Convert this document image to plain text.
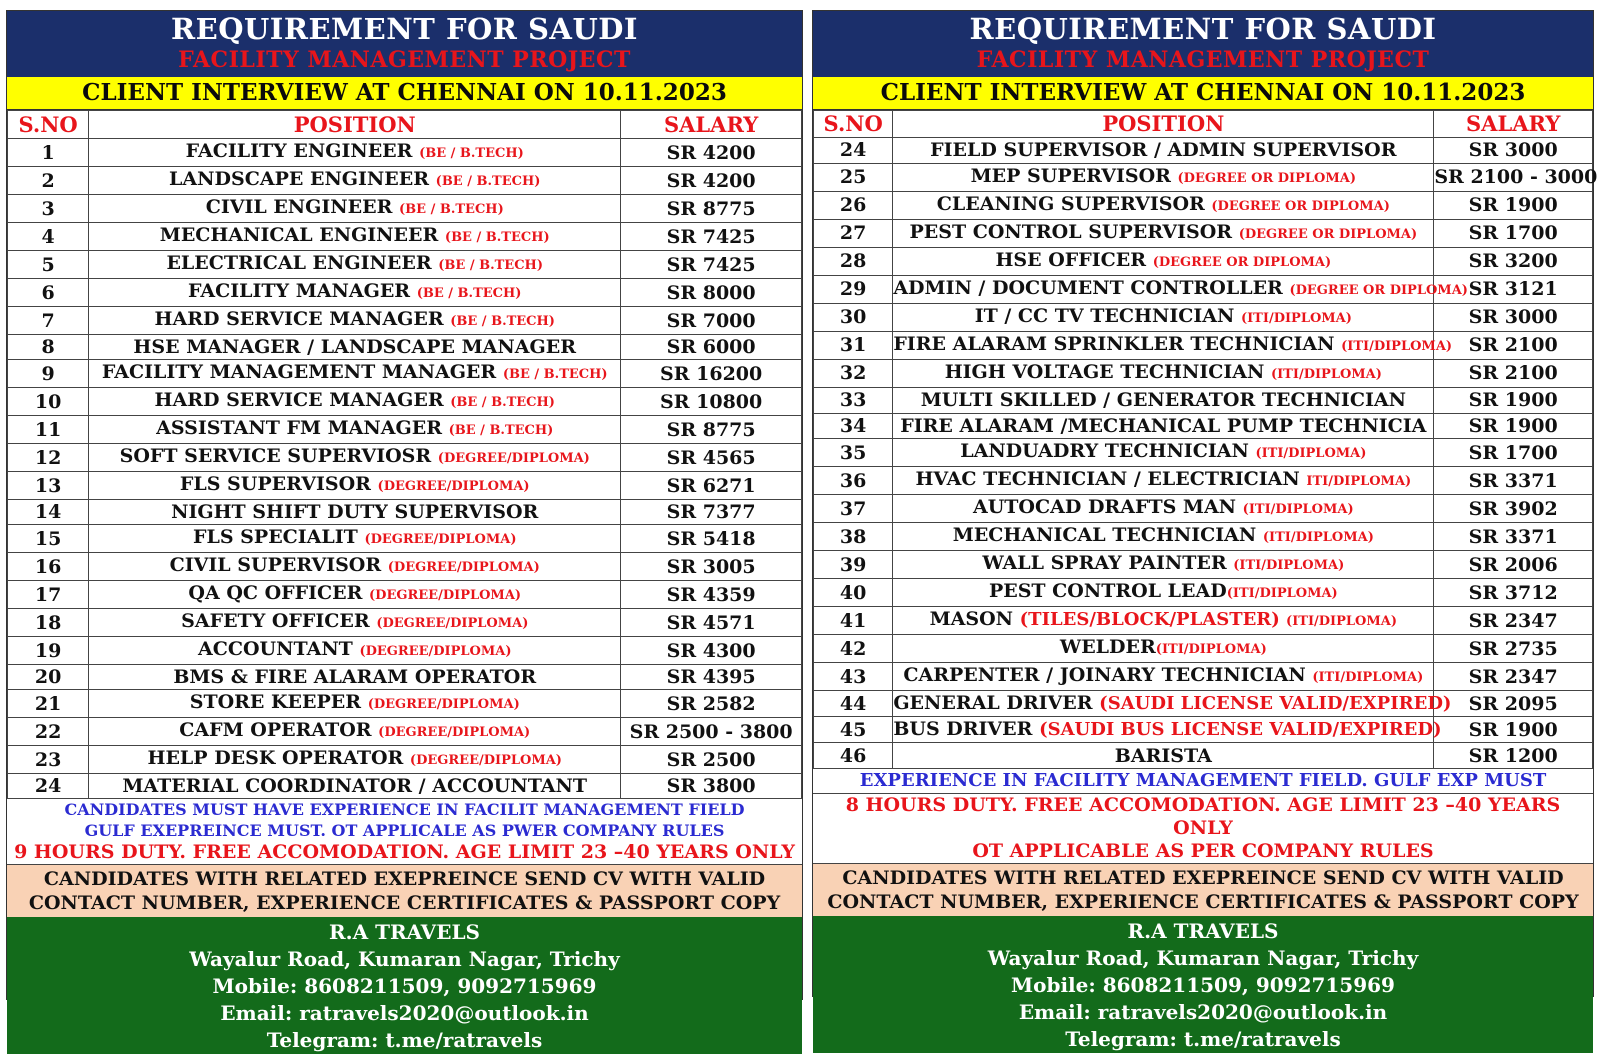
REQUIREMENT FOR SAUDI
FACILITY MANAGEMENT PROJECT
CLIENT INTERVIEW AT CHENNAI ON 10.11.2023
S.NO	POSITION	SALARY
1	FACILITY ENGINEER (BE / B.TECH)	SR 4200
2	LANDSCAPE ENGINEER (BE / B.TECH)	SR 4200
3	CIVIL ENGINEER (BE / B.TECH)	SR 8775
4	MECHANICAL ENGINEER (BE / B.TECH)	SR 7425
5	ELECTRICAL ENGINEER (BE / B.TECH)	SR 7425
6	FACILITY MANAGER (BE / B.TECH)	SR 8000
7	HARD SERVICE MANAGER (BE / B.TECH)	SR 7000
8	HSE MANAGER / LANDSCAPE MANAGER	SR 6000
9	FACILITY MANAGEMENT MANAGER (BE / B.TECH)	SR 16200
10	HARD SERVICE MANAGER (BE / B.TECH)	SR 10800
11	ASSISTANT FM MANAGER (BE / B.TECH)	SR 8775
12	SOFT SERVICE SUPERVIOSR (DEGREE/DIPLOMA)	SR 4565
13	FLS SUPERVISOR (DEGREE/DIPLOMA)	SR 6271
14	NIGHT SHIFT DUTY SUPERVISOR	SR 7377
15	FLS SPECIALIT (DEGREE/DIPLOMA)	SR 5418
16	CIVIL SUPERVISOR (DEGREE/DIPLOMA)	SR 3005
17	QA QC OFFICER (DEGREE/DIPLOMA)	SR 4359
18	SAFETY OFFICER (DEGREE/DIPLOMA)	SR 4571
19	ACCOUNTANT (DEGREE/DIPLOMA)	SR 4300
20	BMS & FIRE ALARAM OPERATOR	SR 4395
21	STORE KEEPER (DEGREE/DIPLOMA)	SR 2582
22	CAFM OPERATOR (DEGREE/DIPLOMA)	SR 2500 - 3800
23	HELP DESK OPERATOR (DEGREE/DIPLOMA)	SR 2500
24	MATERIAL COORDINATOR / ACCOUNTANT	SR 3800
CANDIDATES MUST HAVE EXPERIENCE IN FACILIT MANAGEMENT FIELD
GULF EXEPREINCE MUST. OT APPLICALE AS PWER COMPANY RULES
9 HOURS DUTY. FREE ACCOMODATION. AGE LIMIT 23 –40 YEARS ONLY
CANDIDATES WITH RELATED EXEPREINCE SEND CV WITH VALID
CONTACT NUMBER, EXPERIENCE CERTIFICATES & PASSPORT COPY
R.A TRAVELS
Wayalur Road, Kumaran Nagar, Trichy
Mobile: 8608211509, 9092715969
Email: ratravels2020@outlook.in
Telegram: t.me/ratravels
REQUIREMENT FOR SAUDI
FACILITY MANAGEMENT PROJECT
CLIENT INTERVIEW AT CHENNAI ON 10.11.2023
S.NO	POSITION	SALARY
24	FIELD SUPERVISOR / ADMIN SUPERVISOR	SR 3000
25	MEP SUPERVISOR (DEGREE OR DIPLOMA)	SR 2100 - 3000
26	CLEANING SUPERVISOR (DEGREE OR DIPLOMA)	SR 1900
27	PEST CONTROL SUPERVISOR (DEGREE OR DIPLOMA)	SR 1700
28	HSE OFFICER (DEGREE OR DIPLOMA)	SR 3200
29	ADMIN / DOCUMENT CONTROLLER (DEGREE OR DIPLOMA)	SR 3121
30	IT / CC TV TECHNICIAN (ITI/DIPLOMA)	SR 3000
31	FIRE ALARAM SPRINKLER TECHNICIAN (ITI/DIPLOMA)	SR 2100
32	HIGH VOLTAGE TECHNICIAN (ITI/DIPLOMA)	SR 2100
33	MULTI SKILLED / GENERATOR TECHNICIAN	SR 1900
34	FIRE ALARAM /MECHANICAL PUMP TECHNICIA	SR 1900
35	LANDUADRY TECHNICIAN (ITI/DIPLOMA)	SR 1700
36	HVAC TECHNICIAN / ELECTRICIAN ITI/DIPLOMA)	SR 3371
37	AUTOCAD DRAFTS MAN (ITI/DIPLOMA)	SR 3902
38	MECHANICAL TECHNICIAN (ITI/DIPLOMA)	SR 3371
39	WALL SPRAY PAINTER (ITI/DIPLOMA)	SR 2006
40	PEST CONTROL LEAD(ITI/DIPLOMA)	SR 3712
41	MASON (TILES/BLOCK/PLASTER) (ITI/DIPLOMA)	SR 2347
42	WELDER(ITI/DIPLOMA)	SR 2735
43	CARPENTER / JOINARY TECHNICIAN (ITI/DIPLOMA)	SR 2347
44	GENERAL DRIVER (SAUDI LICENSE VALID/EXPIRED)	SR 2095
45	BUS DRIVER (SAUDI BUS LICENSE VALID/EXPIRED)	SR 1900
46	BARISTA	SR 1200
EXPERIENCE IN FACILITY MANAGEMENT FIELD. GULF EXP MUST
8 HOURS DUTY. FREE ACCOMODATION. AGE LIMIT 23 –40 YEARS ONLY
OT APPLICABLE AS PER COMPANY RULES
CANDIDATES WITH RELATED EXEPREINCE SEND CV WITH VALID
CONTACT NUMBER, EXPERIENCE CERTIFICATES & PASSPORT COPY
R.A TRAVELS
Wayalur Road, Kumaran Nagar, Trichy
Mobile: 8608211509, 9092715969
Email: ratravels2020@outlook.in
Telegram: t.me/ratravels
